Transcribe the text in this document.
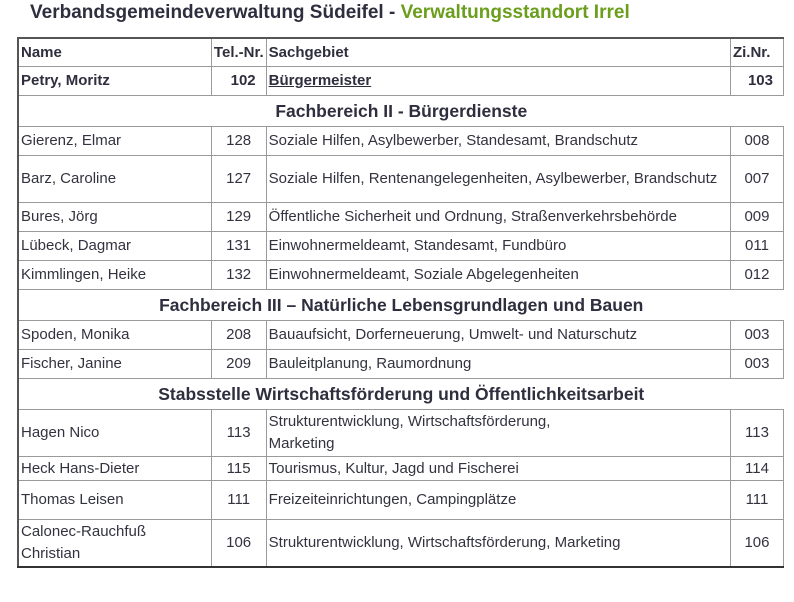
Verbandsgemeindeverwaltung Südeifel - Verwaltungsstandort Irrel
Name	Tel.-Nr.	Sachgebiet	Zi.Nr.
Petry, Moritz	102	Bürgermeister	103
Fachbereich II - Bürgerdienste			
Gierenz, Elmar	128	Soziale Hilfen, Asylbewerber, Standesamt, Brandschutz	008
Barz, Caroline	127	Soziale Hilfen, Rentenangelegenheiten, Asylbewerber, Brandschutz	007
Bures, Jörg	129	Öffentliche Sicherheit und Ordnung, Straßenverkehrsbehörde	009
Lübeck, Dagmar	131	Einwohnermeldeamt, Standesamt, Fundbüro	011
Kimmlingen, Heike	132	Einwohnermeldeamt, Soziale Abgelegenheiten	012
Fachbereich III – Natürliche Lebensgrundlagen und Bauen			
Spoden, Monika	208	Bauaufsicht, Dorferneuerung, Umwelt- und Naturschutz	003
Fischer, Janine	209	Bauleitplanung, Raumordnung	003
Stabsstelle Wirtschaftsförderung und Öffentlichkeitsarbeit			
Hagen Nico	113	Strukturentwicklung, Wirtschaftsförderung, Marketing	113
Heck Hans-Dieter	115	Tourismus, Kultur, Jagd und Fischerei	114
Thomas Leisen	111	Freizeiteinrichtungen, Campingplätze	111
Calonec-Rauchfuß Christian	106	Strukturentwicklung, Wirtschaftsförderung, Marketing	106
